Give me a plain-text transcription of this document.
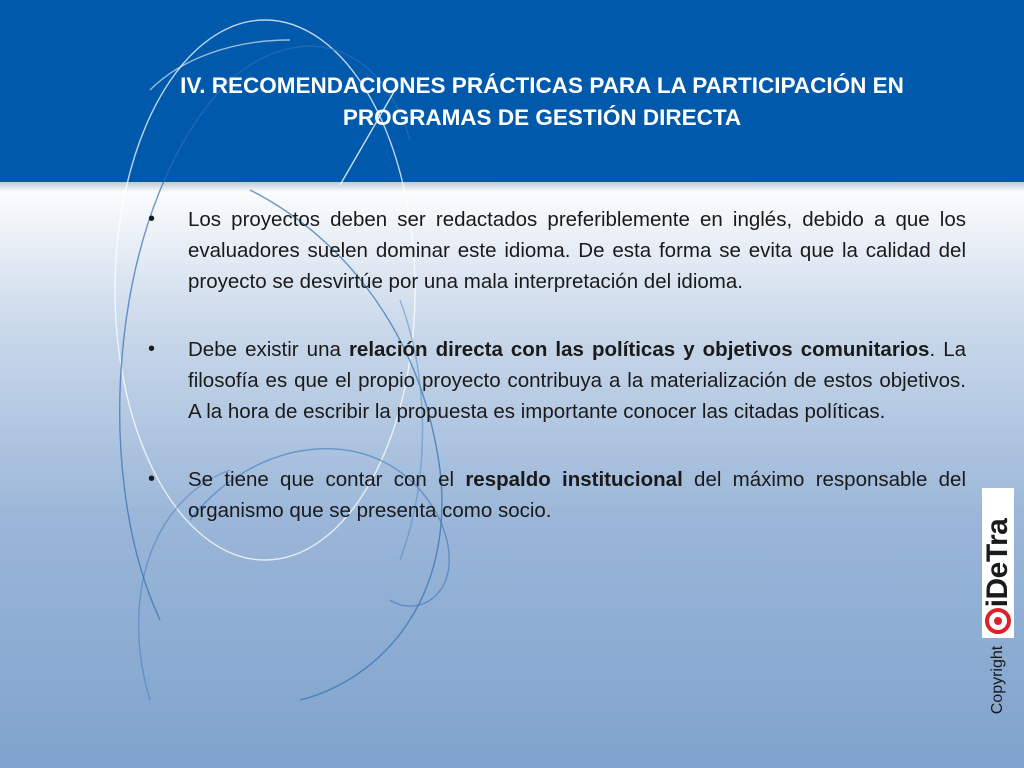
IV. RECOMENDACIONES PRÁCTICAS PARA LA PARTICIPACIÓN EN
PROGRAMAS DE GESTIÓN DIRECTA
•	Los proyectos deben ser redactados preferiblemente en inglés, debido a que los evaluadores suelen dominar este idioma. De esta forma se evita que la calidad del proyecto se desvirtúe por una mala interpretación del idioma.
•	Debe existir una relación directa con las políticas y objetivos comunitarios. La filosofía es que el propio proyecto contribuya a la materialización de estos objetivos. A la hora de escribir la propuesta es importante conocer las citadas políticas.
•	Se tiene que contar con el respaldo institucional del máximo responsable del organismo que se presenta como socio.
iDeTra
Copyright
